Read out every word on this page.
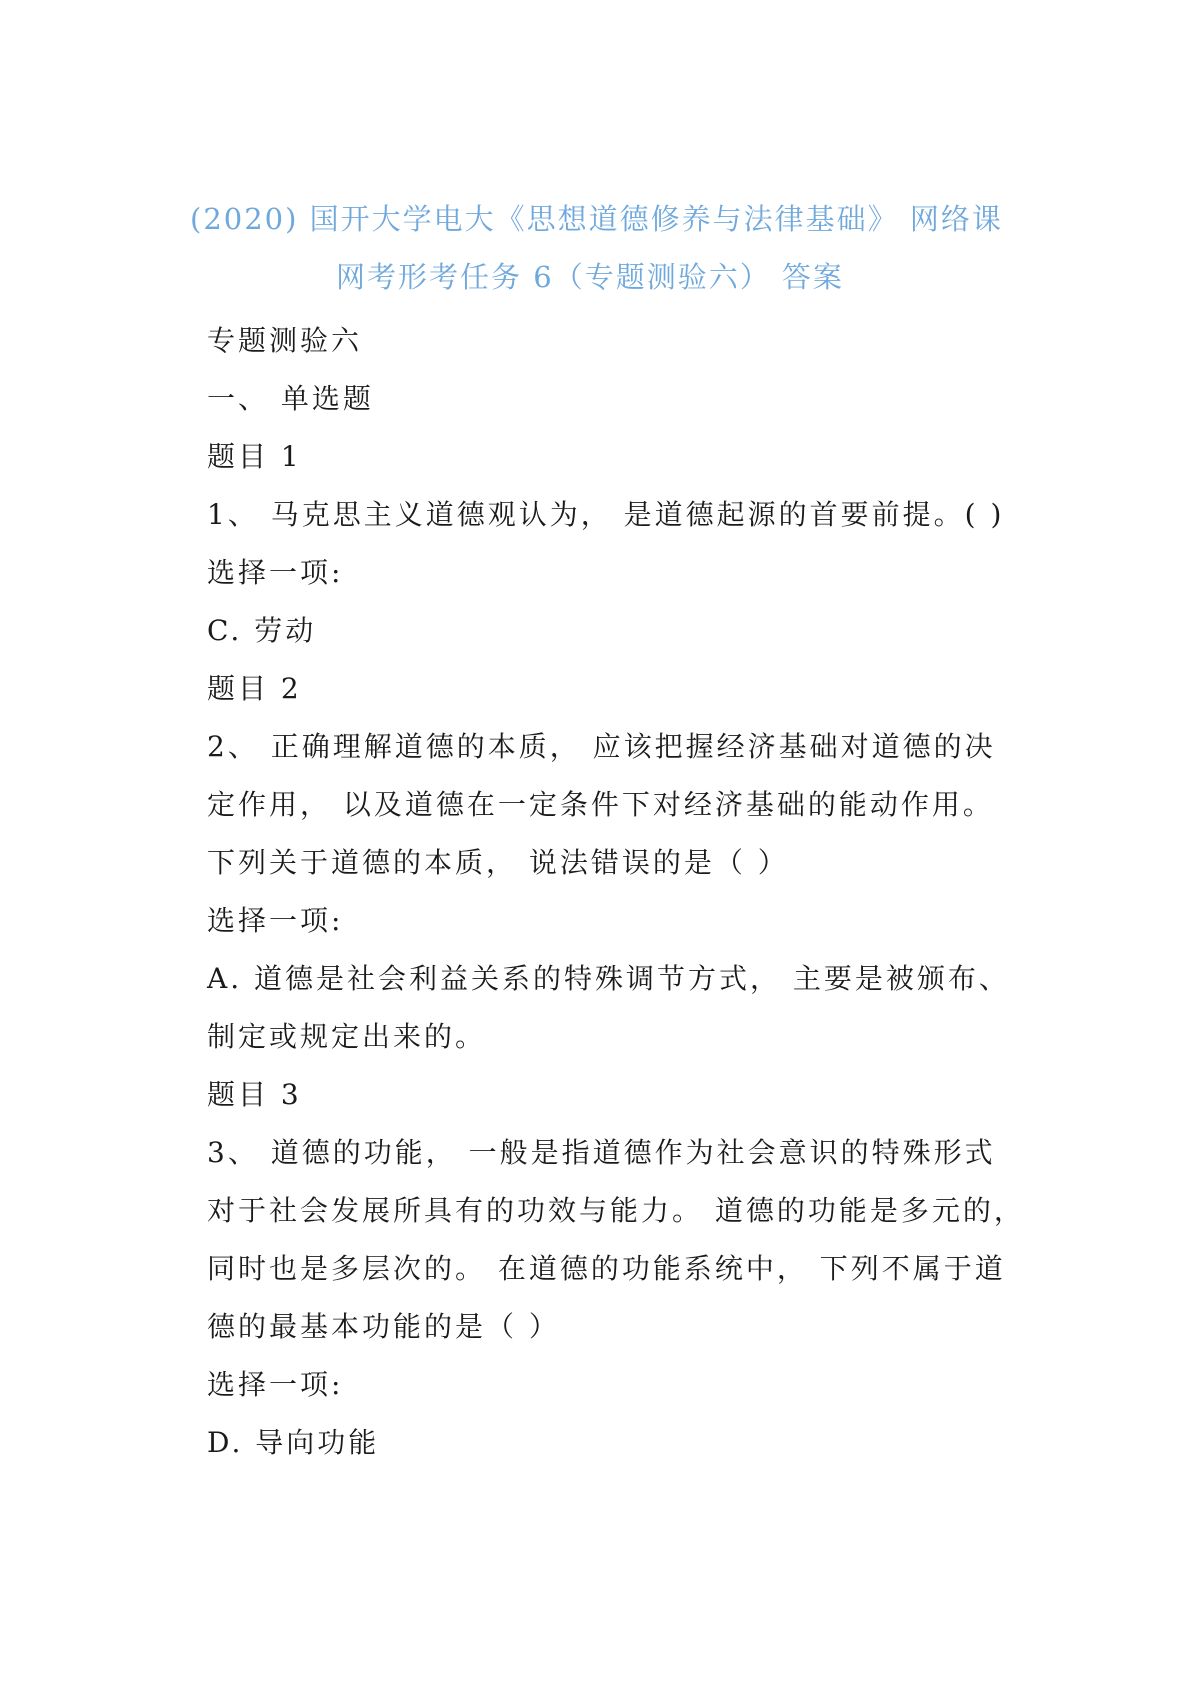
(2020) 国开大学电大《思想道德修养与法律基础》 网络课
网考形考任务 6（专题测验六） 答案
专题测验六
一、 单选题
题目 1
1、 马克思主义道德观认为， 是道德起源的首要前提。( )
选择一项:
C. 劳动
题目 2
2、 正确理解道德的本质， 应该把握经济基础对道德的决
定作用， 以及道德在一定条件下对经济基础的能动作用。
下列关于道德的本质， 说法错误的是（ ）
选择一项:
A. 道德是社会利益关系的特殊调节方式， 主要是被颁布、
制定或规定出来的。
题目 3
3、 道德的功能， 一般是指道德作为社会意识的特殊形式
对于社会发展所具有的功效与能力。 道德的功能是多元的，
同时也是多层次的。 在道德的功能系统中， 下列不属于道
德的最基本功能的是（ ）
选择一项:
D. 导向功能
